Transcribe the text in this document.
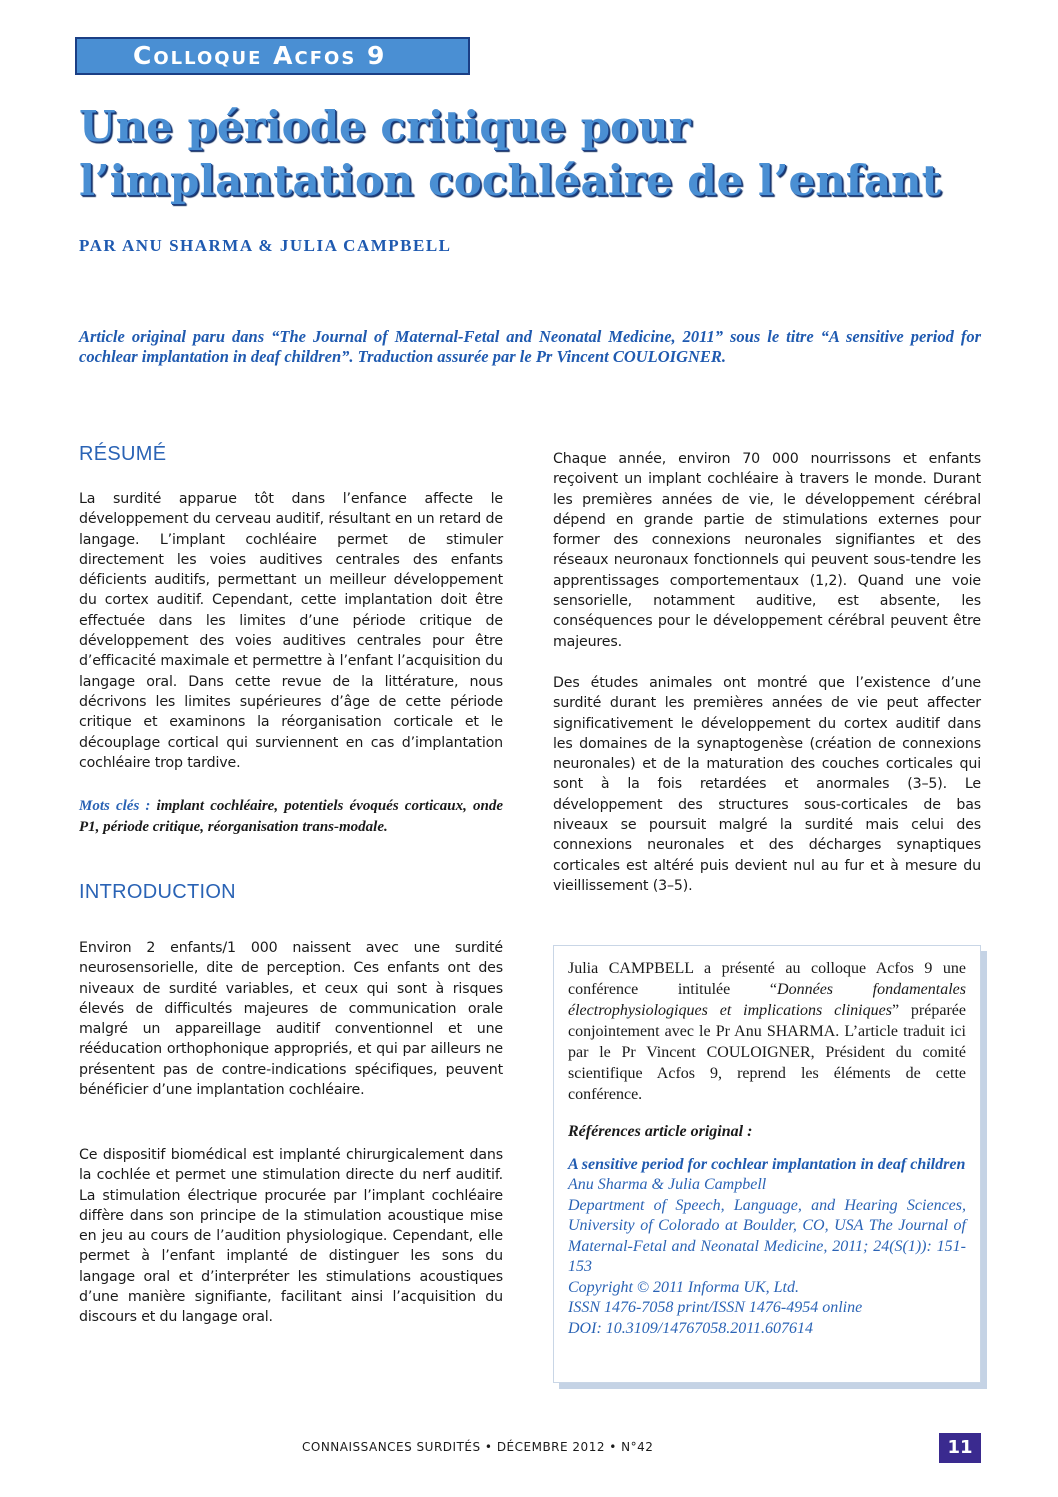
Colloque Acfos 9
Une période critique pour
l’implantation cochléaire de l’enfant

PAR ANU SHARMA & JULIA CAMPBELL

Article original paru dans “The Journal of Maternal-Fetal and Neonatal Medicine, 2011” sous le titre “A sensitive period for cochlear implantation in deaf children”. Traduction assurée par le Pr Vincent COULOIGNER.

RÉSUMÉ

La surdité apparue tôt dans l’enfance affecte le développement du cerveau auditif, résultant en un retard de langage. L’implant cochléaire permet de stimuler directement les voies auditives centrales des enfants déficients auditifs, permettant un meilleur développement du cortex auditif. Cependant, cette implantation doit être effectuée dans les limites d’une période critique de développement des voies auditives centrales pour être d’efficacité maximale et permettre à l’enfant l’acquisition du langage oral. Dans cette revue de la littérature, nous décrivons les limites supérieures d’âge de cette période critique et examinons la réorganisation corticale et le découplage cortical qui surviennent en cas d’implantation cochléaire trop tardive.

Mots clés : implant cochléaire, potentiels évoqués corticaux, onde P1, période critique, réorganisation trans-modale.

INTRODUCTION

Environ 2 enfants/1 000 naissent avec une surdité neurosensorielle, dite de perception. Ces enfants ont des niveaux de surdité variables, et ceux qui sont à risques élevés de difficultés majeures de communication orale malgré un appareillage auditif conventionnel et une rééducation orthophonique appropriés, et qui par ailleurs ne présentent pas de contre-indications spécifiques, peuvent bénéficier d’une implantation cochléaire.

Ce dispositif biomédical est implanté chirurgicalement dans la cochlée et permet une stimulation directe du nerf auditif. La stimulation électrique procurée par l’implant cochléaire diffère dans son principe de la stimulation acoustique mise en jeu au cours de l’audition physiologique. Cependant, elle permet à l’enfant implanté de distinguer les sons du langage oral et d’interpréter les stimulations acoustiques d’une manière signifiante, facilitant ainsi l’acquisition du discours et du langage oral.

Chaque année, environ 70 000 nourrissons et enfants reçoivent un implant cochléaire à travers le monde. Durant les premières années de vie, le développement cérébral dépend en grande partie de stimulations externes pour former des connexions neuronales signifiantes et des réseaux neuronaux fonctionnels qui peuvent sous-tendre les apprentissages comportementaux (1,2). Quand une voie sensorielle, notamment auditive, est absente, les conséquences pour le développement cérébral peuvent être majeures.

Des études animales ont montré que l’existence d’une surdité durant les premières années de vie peut affecter significativement le développement du cortex auditif dans les domaines de la synaptogenèse (création de connexions neuronales) et de la maturation des couches corticales qui sont à la fois retardées et anormales (3–5). Le développement des structures sous-corticales de bas niveaux se poursuit malgré la surdité mais celui des connexions neuronales et des décharges synaptiques corticales est altéré puis devient nul au fur et à mesure du vieillissement (3–5).

Julia CAMPBELL a présenté au colloque Acfos 9 une conférence intitulée “Données fondamentales électrophysiologiques et implications cliniques” préparée conjointement avec le Pr Anu SHARMA. L’article traduit ici par le Pr Vincent COULOIGNER, Président du comité scientifique Acfos 9, reprend les éléments de cette conférence.

Références article original :

A sensitive period for cochlear implantation in deaf children

Anu Sharma & Julia Campbell

Department of Speech, Language, and Hearing Sciences, University of Colorado at Boulder, CO, USA The Journal of Maternal-Fetal and Neonatal Medicine, 2011; 24(S(1)): 151-153

Copyright © 2011 Informa UK, Ltd.

ISSN 1476-7058 print/ISSN 1476-4954 online

DOI: 10.3109/14767058.2011.607614

CONNAISSANCES SURDITÉS • DÉCEMBRE 2012 • N°42	11
